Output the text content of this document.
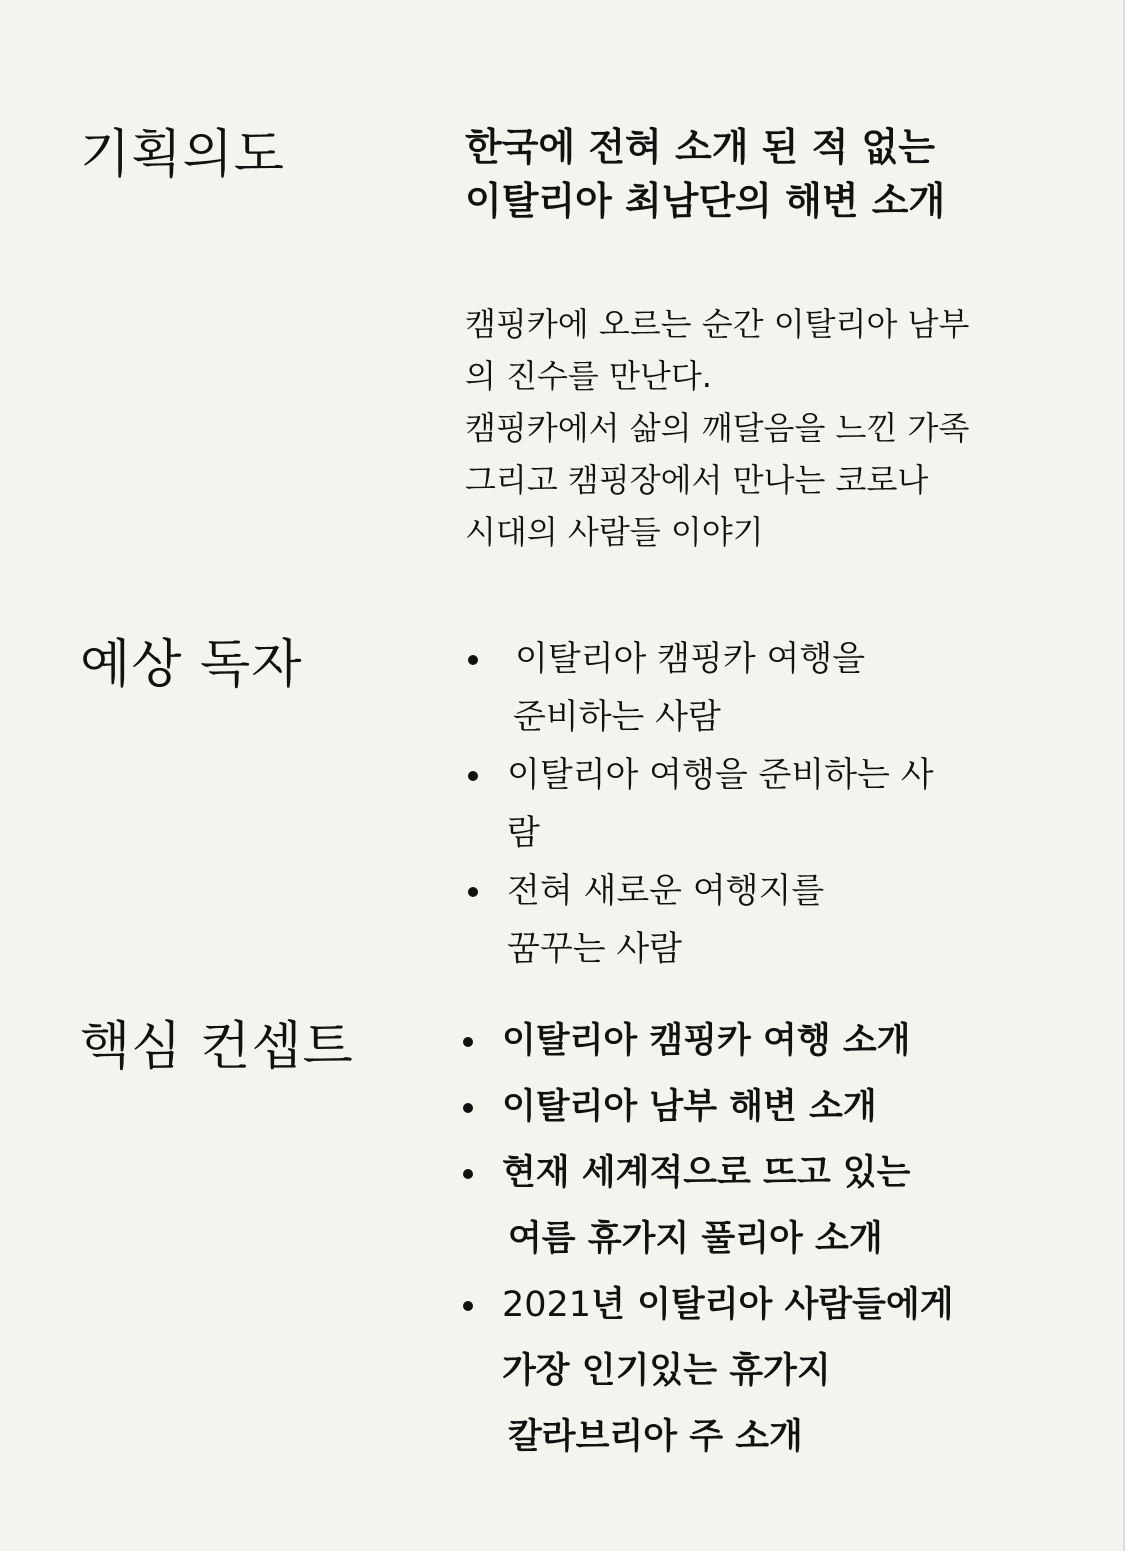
기획의도	한국에 전혀 소개 된 적 없는
이탈리아 최남단의 해변 소개

캠핑카에 오르는 순간 이탈리아 남부
의 진수를 만난다.
캠핑카에서 삶의 깨달음을 느낀 가족
그리고 캠핑장에서 만나는 코로나
시대의 사람들 이야기

예상 독자	이탈리아 캠핑카 여행을
준비하는 사람
이탈리아 여행을 준비하는 사
람
전혀 새로운 여행지를
꿈꾸는 사람
핵심 컨셉트	이탈리아 캠핑카 여행 소개
이탈리아 남부 해변 소개
현재 세계적으로 뜨고 있는
여름 휴가지 풀리아 소개
2021년 이탈리아 사람들에게
가장 인기있는 휴가지
칼라브리아 주 소개
